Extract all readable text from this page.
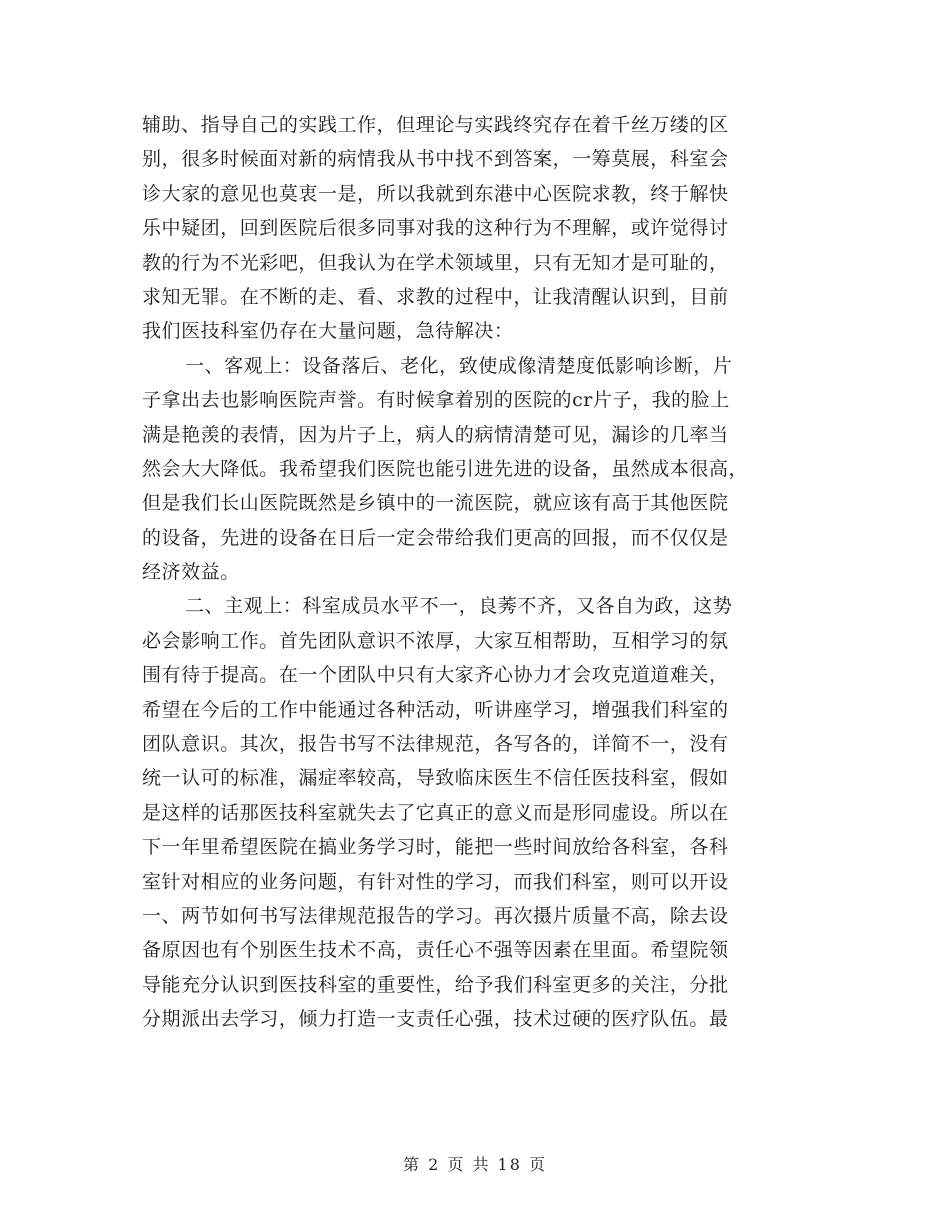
辅助、指导自己的实践工作，但理论与实践终究存在着千丝万缕的区
别，很多时候面对新的病情我从书中找不到答案，一筹莫展，科室会
诊大家的意见也莫衷一是，所以我就到东港中心医院求教，终于解快
乐中疑团，回到医院后很多同事对我的这种行为不理解，或许觉得讨
教的行为不光彩吧，但我认为在学术领域里，只有无知才是可耻的，
求知无罪。在不断的走、看、求教的过程中，让我清醒认识到，目前
我们医技科室仍存在大量问题，急待解决：
一、客观上：设备落后、老化，致使成像清楚度低影响诊断，片
子拿出去也影响医院声誉。有时候拿着别的医院的cr片子，我的脸上
满是艳羡的表情，因为片子上，病人的病情清楚可见，漏诊的几率当
然会大大降低。我希望我们医院也能引进先进的设备，虽然成本很高，
但是我们长山医院既然是乡镇中的一流医院，就应该有高于其他医院
的设备，先进的设备在日后一定会带给我们更高的回报，而不仅仅是
经济效益。
二、主观上：科室成员水平不一，良莠不齐，又各自为政，这势
必会影响工作。首先团队意识不浓厚，大家互相帮助，互相学习的氛
围有待于提高。在一个团队中只有大家齐心协力才会攻克道道难关，
希望在今后的工作中能通过各种活动，听讲座学习，增强我们科室的
团队意识。其次，报告书写不法律规范，各写各的，详简不一，没有
统一认可的标准，漏症率较高，导致临床医生不信任医技科室，假如
是这样的话那医技科室就失去了它真正的意义而是形同虚设。所以在
下一年里希望医院在搞业务学习时，能把一些时间放给各科室，各科
室针对相应的业务问题，有针对性的学习，而我们科室，则可以开设
一、两节如何书写法律规范报告的学习。再次摄片质量不高，除去设
备原因也有个别医生技术不高，责任心不强等因素在里面。希望院领
导能充分认识到医技科室的重要性，给予我们科室更多的关注，分批
分期派出去学习，倾力打造一支责任心强，技术过硬的医疗队伍。最
第 2 页 共 18 页
